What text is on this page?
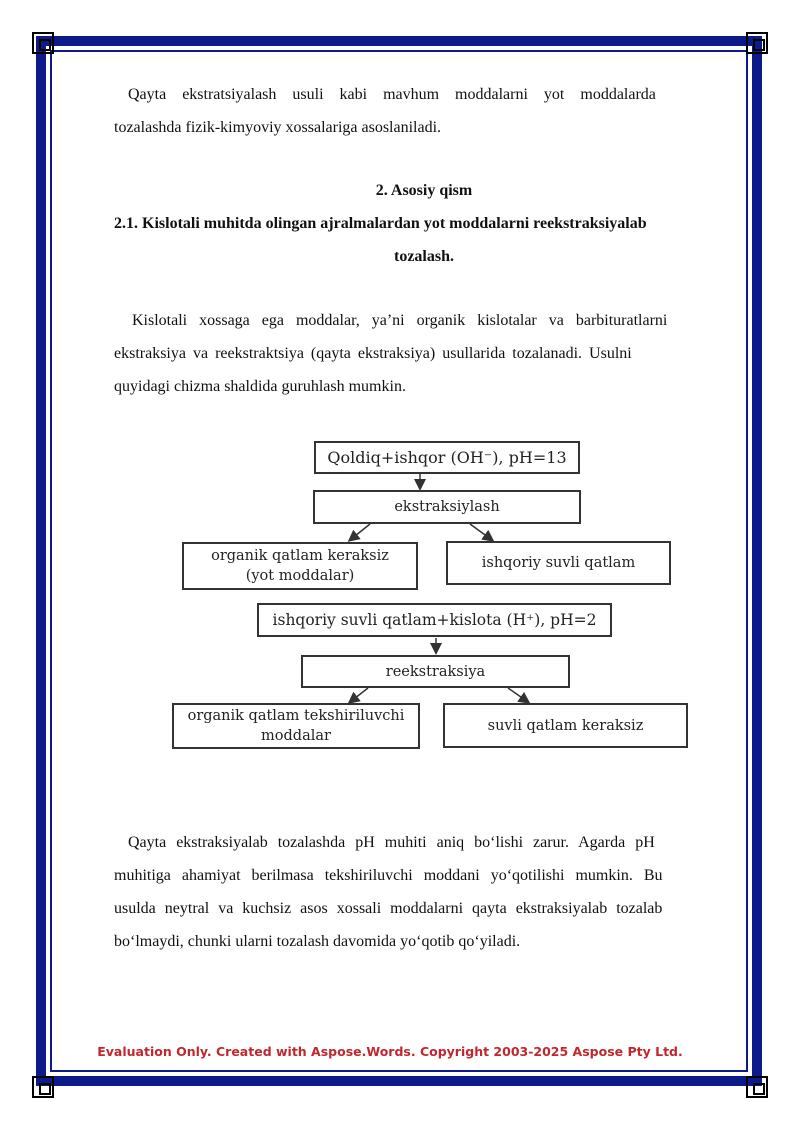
Qayta ekstratsiyalash usuli kabi mavhum moddalarni yot moddalarda

tozalashda fizik-kimyoviy xossalariga asoslaniladi.

2. Asosiy qism
2.1. Kislotali muhitda olingan ajralmalardan yot moddalarni reekstraksiyalab
tozalash.

Kislotali xossaga ega moddalar, ya’ni organik kislotalar va barbituratlarni

ekstraksiya va reekstraktsiya (qayta ekstraksiya) usullarida tozalanadi. Usulni

quyidagi chizma shaldida guruhlash mumkin.

Qayta ekstraksiyalab tozalashda pH muhiti aniq bo‘lishi zarur. Agarda pH

muhitiga ahamiyat berilmasa tekshiriluvchi moddani yo‘qotilishi mumkin. Bu

usulda neytral va kuchsiz asos xossali moddalarni qayta ekstraksiyalab tozalab

bo‘lmaydi, chunki ularni tozalash davomida yo‘qotib qo‘yiladi.

Qoldiq+ishqor (OH⁻), pH=13
ekstraksiylash
organik qatlam keraksiz
(yot moddalar)
ishqoriy suvli qatlam
ishqoriy suvli qatlam+kislota (H⁺), pH=2
reekstraksiya
organik qatlam tekshiriluvchi
moddalar
suvli qatlam keraksiz
Evaluation Only. Created with Aspose.Words. Copyright 2003-2025 Aspose Pty Ltd.
